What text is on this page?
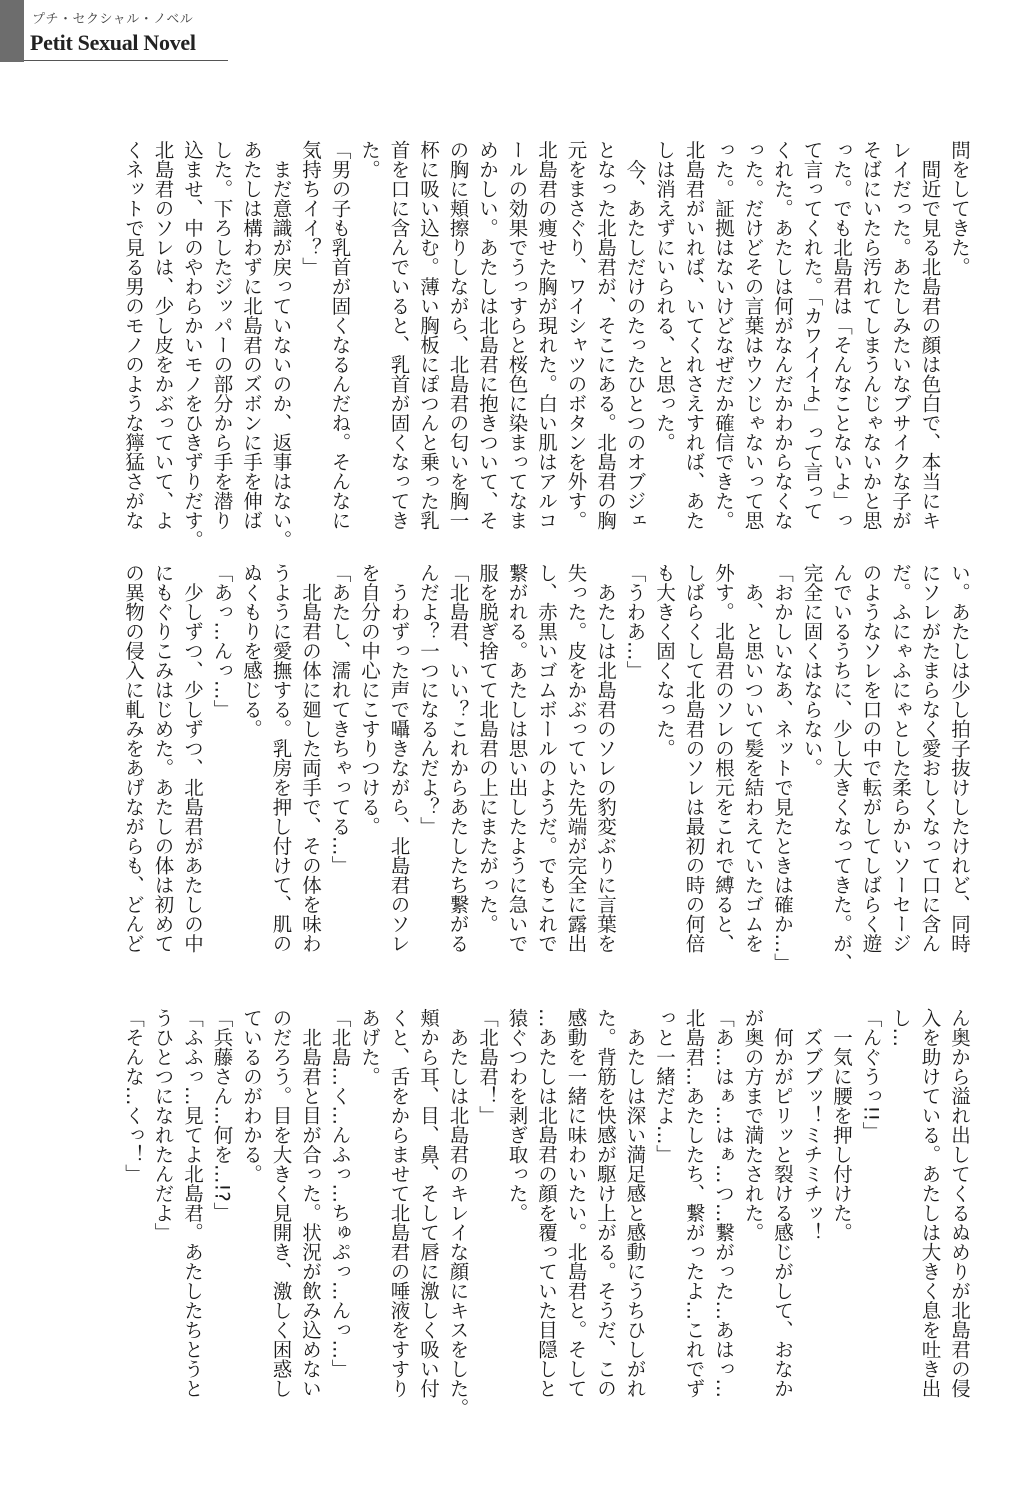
プチ・セクシャル・ノベル
Petit Sexual Novel
問をしてきた。
　間近で見る北島君の顔は色白で、本当にキ
レイだった。あたしみたいなブサイクな子が
そばにいたら汚れてしまうんじゃないかと思
った。でも北島君は「そんなことないよ」っ
て言ってくれた。「カワイイよ」って言って
くれた。あたしは何がなんだかわからなくな
った。だけどその言葉はウソじゃないって思
った。証拠はないけどなぜだか確信できた。
北島君がいれば、いてくれさえすれば、あた
しは消えずにいられる、と思った。
　今、あたしだけのたったひとつのオブジェ
となった北島君が、そこにある。北島君の胸
元をまさぐり、ワイシャツのボタンを外す。
北島君の痩せた胸が現れた。白い肌はアルコ
ールの効果でうっすらと桜色に染まってなま
めかしい。あたしは北島君に抱きついて、そ
の胸に頬擦りしながら、北島君の匂いを胸一
杯に吸い込む。薄い胸板にぽつんと乗った乳
首を口に含んでいると、乳首が固くなってき
た。
「男の子も乳首が固くなるんだね。そんなに
気持ちイイ？」
　まだ意識が戻っていないのか、返事はない。
あたしは構わずに北島君のズボンに手を伸ば
した。下ろしたジッパーの部分から手を潜り
込ませ、中のやわらかいモノをひきずりだす。
北島君のソレは、少し皮をかぶっていて、よ
くネットで見る男のモノのような獰猛さがな
い。あたしは少し拍子抜けしたけれど、同時
にソレがたまらなく愛おしくなって口に含ん
だ。ふにゃふにゃとした柔らかいソーセージ
のようなソレを口の中で転がしてしばらく遊
んでいるうちに、少し大きくなってきた。が、
完全に固くはならない。
「おかしいなあ、ネットで見たときは確か…」
　あ、と思いついて髪を結わえていたゴムを
外す。北島君のソレの根元をこれで縛ると、
しばらくして北島君のソレは最初の時の何倍
も大きく固くなった。
「うわあ…」
　あたしは北島君のソレの豹変ぶりに言葉を
失った。皮をかぶっていた先端が完全に露出
し、赤黒いゴムボールのようだ。でもこれで
繋がれる。あたしは思い出したように急いで
服を脱ぎ捨てて北島君の上にまたがった。
「北島君、いい？これからあたしたち繋がる
んだよ？一つになるんだよ？」
　うわずった声で囁きながら、北島君のソレ
を自分の中心にこすりつける。
「あたし、濡れてきちゃってる…」
　北島君の体に廻した両手で、その体を味わ
うように愛撫する。乳房を押し付けて、肌の
ぬくもりを感じる。
「あっ…んっ…」
　少しずつ、少しずつ、北島君があたしの中
にもぐりこみはじめた。あたしの体は初めて
の異物の侵入に軋みをあげながらも、どんど
ん奥から溢れ出してくるぬめりが北島君の侵
入を助けている。あたしは大きく息を吐き出
し…
「んぐうっ!!」
　一気に腰を押し付けた。
　ズブブッ！ミチミチッ！
　何かがピリッと裂ける感じがして、おなか
が奥の方まで満たされた。
「あ…はぁ…はぁ…つ…繋がった…あはっ…
北島君…あたしたち、繋がったよ…これでず
っと一緒だよ…」
　あたしは深い満足感と感動にうちひしがれ
た。背筋を快感が駆け上がる。そうだ、この
感動を一緒に味わいたい。北島君と。そして
…あたしは北島君の顔を覆っていた目隠しと
猿ぐつわを剥ぎ取った。
「北島君！」
　あたしは北島君のキレイな顔にキスをした。
頬から耳、目、鼻、そして唇に激しく吸い付
くと、舌をからませて北島君の唾液をすすり
あげた。
「北島…く…んふっ…ちゅぷっ…んっ…」
　北島君と目が合った。状況が飲み込めない
のだろう。目を大きく見開き、激しく困惑し
ているのがわかる。
「兵藤さん…何を…!?」
「ふふっ…見てよ北島君。あたしたちとうと
うひとつになれたんだよ」
「そんな…くっ！」
